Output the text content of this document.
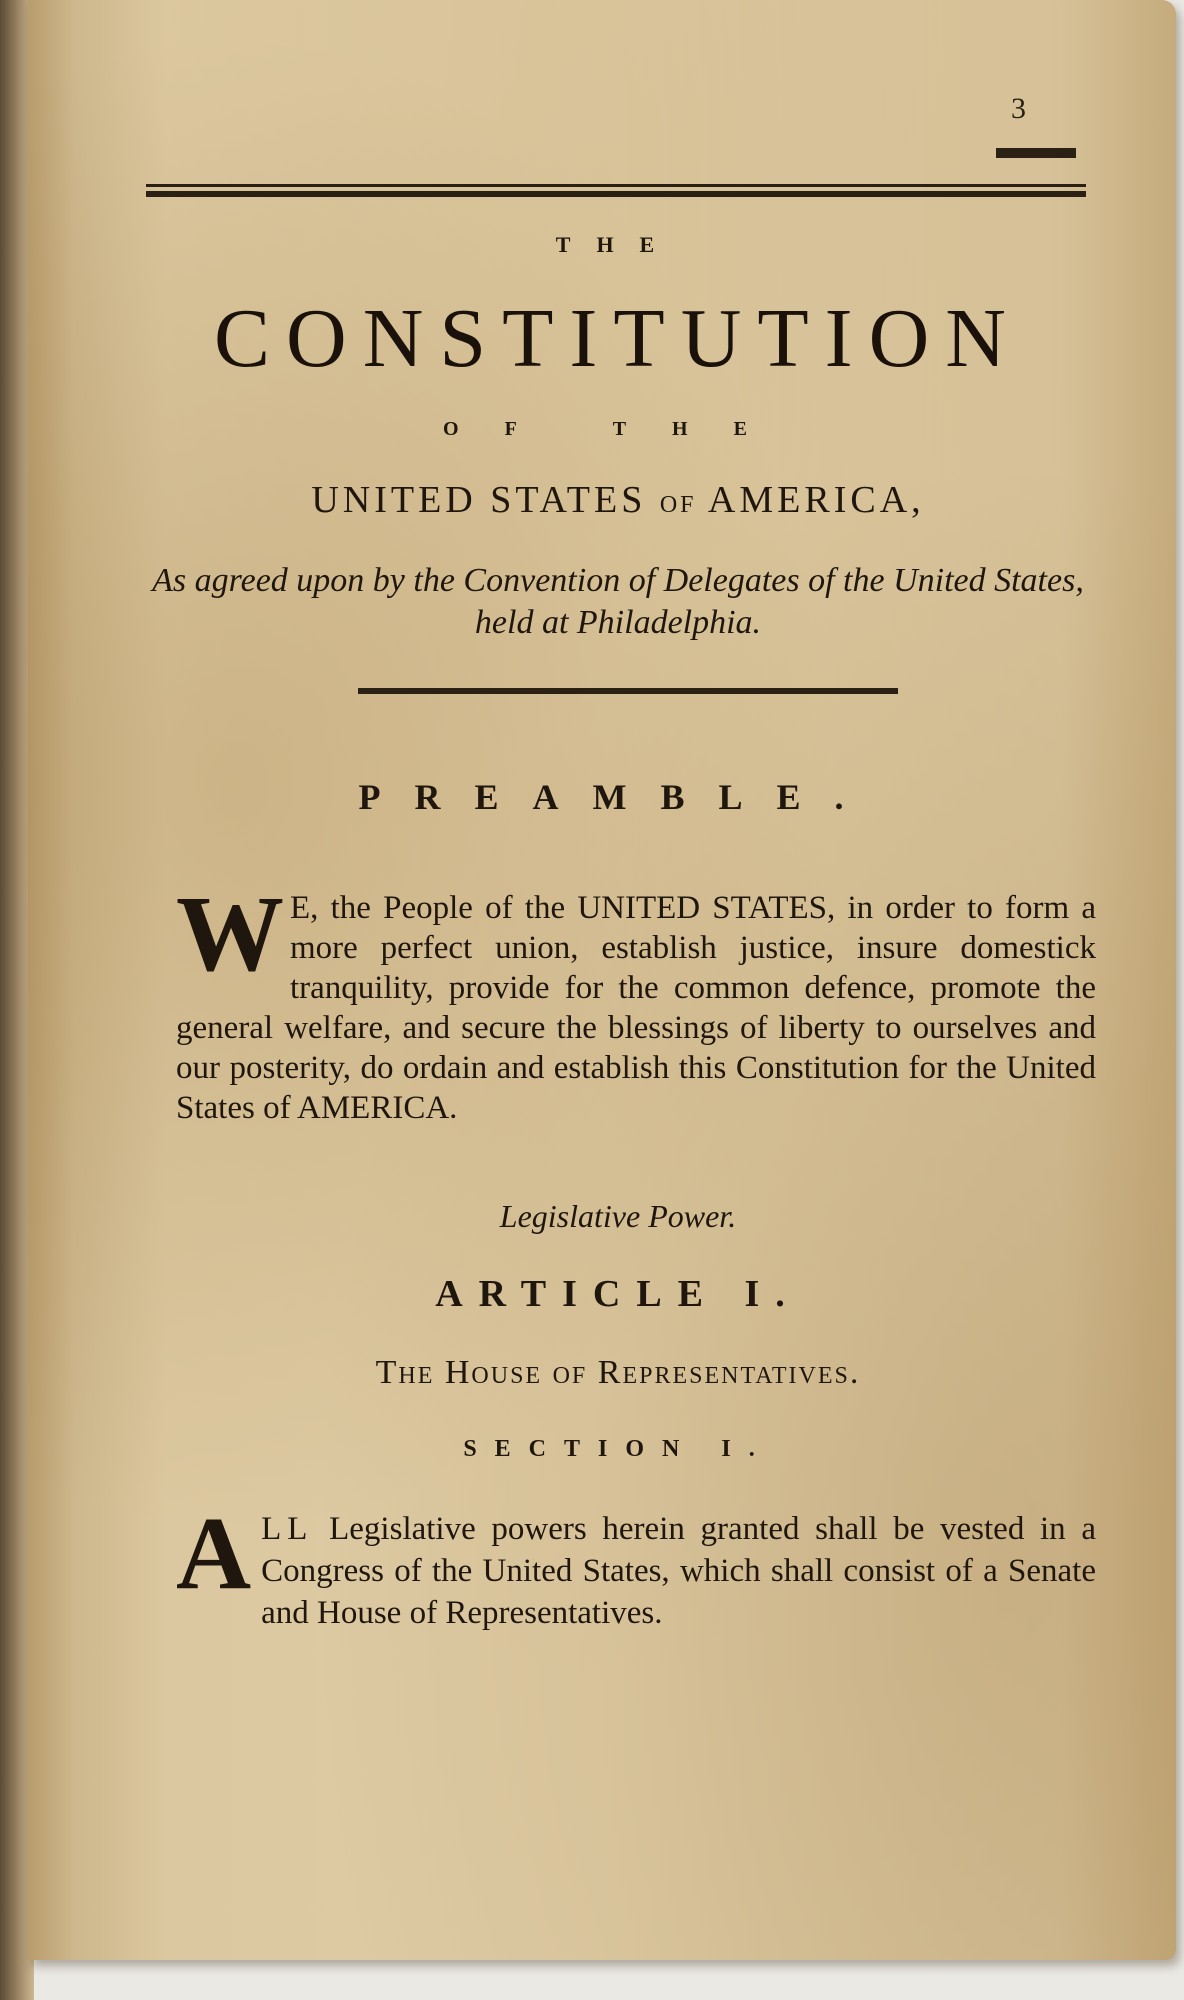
3
THE
CONSTITUTION
OF THE
UNITED STATES OF AMERICA,
As agreed upon by the Convention of Delegates of the United States, held at Philadelphia.
PREAMBLE.
W E, the People of the UNITED STATES, in order to form a more perfect union, establish justice, insure domestick tranquility, provide for the common defence, promote the general welfare, and secure the blessings of liberty to ourselves and our posterity, do ordain and establish this Constitution for the United States of AMERICA.
Legislative Power.
ARTICLE I.
The House of Representatives.
SECTION I.
A LL Legislative powers herein granted shall be vested in a Congress of the United States, which shall consist of a Senate and House of Representatives.
